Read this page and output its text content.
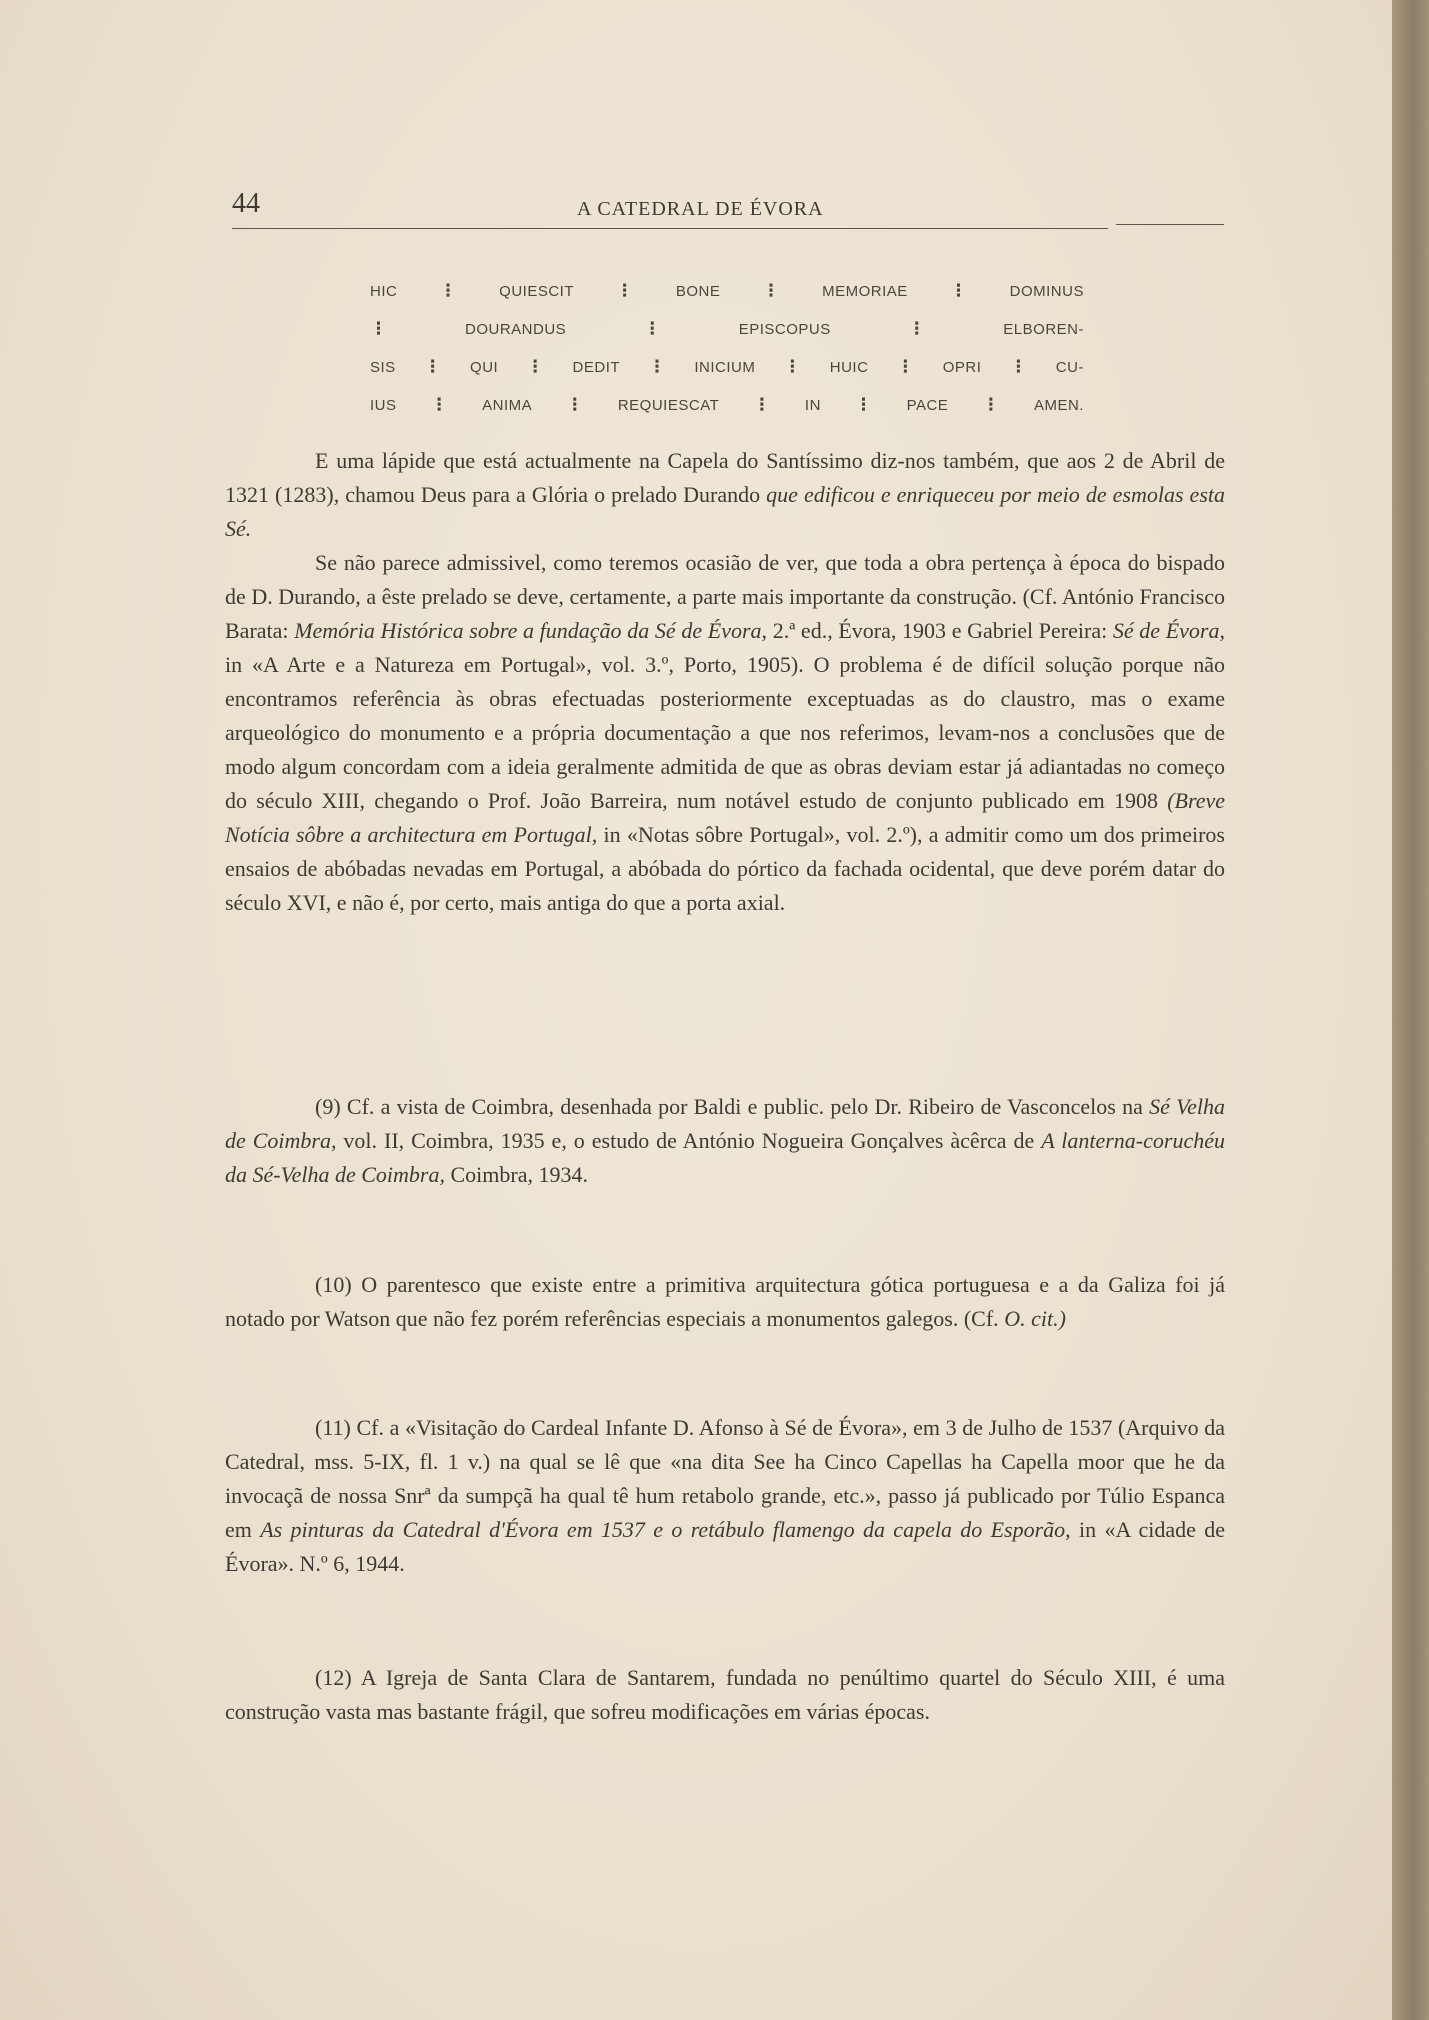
44	A CATEDRAL DE ÉVORA
HIC ⋮	QUIESCIT ⋮	BONE ⋮	MEMORIAE ⋮	DOMINUS
⋮	DOURANDUS	⋮	EPISCOPUS	⋮	ELBOREN-
SIS ⋮ QUI ⋮ DEDIT ⋮ INICIUM ⋮ HUIC ⋮ OPRI ⋮ CU-
IUS ⋮ ANIMA ⋮ REQUIESCAT ⋮ IN ⋮ PACE ⋮ AMEN.

E uma lápide que está actualmente na Capela do Santíssimo diz-nos também, que aos 2 de Abril de 1321 (1283), chamou Deus para a Glória o prelado Durando que edificou e enriqueceu por meio de esmolas esta Sé.

Se não parece admissivel, como teremos ocasião de ver, que toda a obra pertença à época do bispado de D. Durando, a êste prelado se deve, certamente, a parte mais importante da construção. (Cf. António Francisco Barata: Memória Histórica sobre a fundação da Sé de Évora, 2.ª ed., Évora, 1903 e Gabriel Pereira: Sé de Évora, in «A Arte e a Natureza em Portugal», vol. 3.º, Porto, 1905). O problema é de difícil solução porque não encontramos referência às obras efectuadas posteriormente exceptuadas as do claustro, mas o exame arqueológico do monumento e a própria documentação a que nos referimos, levam-nos a conclusões que de modo algum concordam com a ideia geralmente admitida de que as obras deviam estar já adiantadas no começo do século XIII, chegando o Prof. João Barreira, num notável estudo de conjunto publicado em 1908 (Breve Notícia sôbre a architectura em Portugal, in «Notas sôbre Portugal», vol. 2.º), a admitir como um dos primeiros ensaios de abóbadas nevadas em Portugal, a abóbada do pórtico da fachada ocidental, que deve porém datar do século XVI, e não é, por certo, mais antiga do que a porta axial.

(9) Cf. a vista de Coimbra, desenhada por Baldi e public. pelo Dr. Ribeiro de Vasconcelos na Sé Velha de Coimbra, vol. II, Coimbra, 1935 e, o estudo de António Nogueira Gonçalves àcêrca de A lanterna-coruchéu da Sé-Velha de Coimbra, Coimbra, 1934.

(10) O parentesco que existe entre a primitiva arquitectura gótica portuguesa e a da Galiza foi já notado por Watson que não fez porém referências especiais a monumentos galegos. (Cf. O. cit.)

(11) Cf. a «Visitação do Cardeal Infante D. Afonso à Sé de Évora», em 3 de Julho de 1537 (Arquivo da Catedral, mss. 5-IX, fl. 1 v.) na qual se lê que «na dita See ha Cinco Capellas ha Capella moor que he da invocaçã de nossa Snrª da sumpçã ha qual tê hum retabolo grande, etc.», passo já publicado por Túlio Espanca em As pinturas da Catedral d'Évora em 1537 e o retábulo flamengo da capela do Esporão, in «A cidade de Évora». N.º 6, 1944.

(12) A Igreja de Santa Clara de Santarem, fundada no penúltimo quartel do Século XIII, é uma construção vasta mas bastante frágil, que sofreu modificações em várias épocas.
